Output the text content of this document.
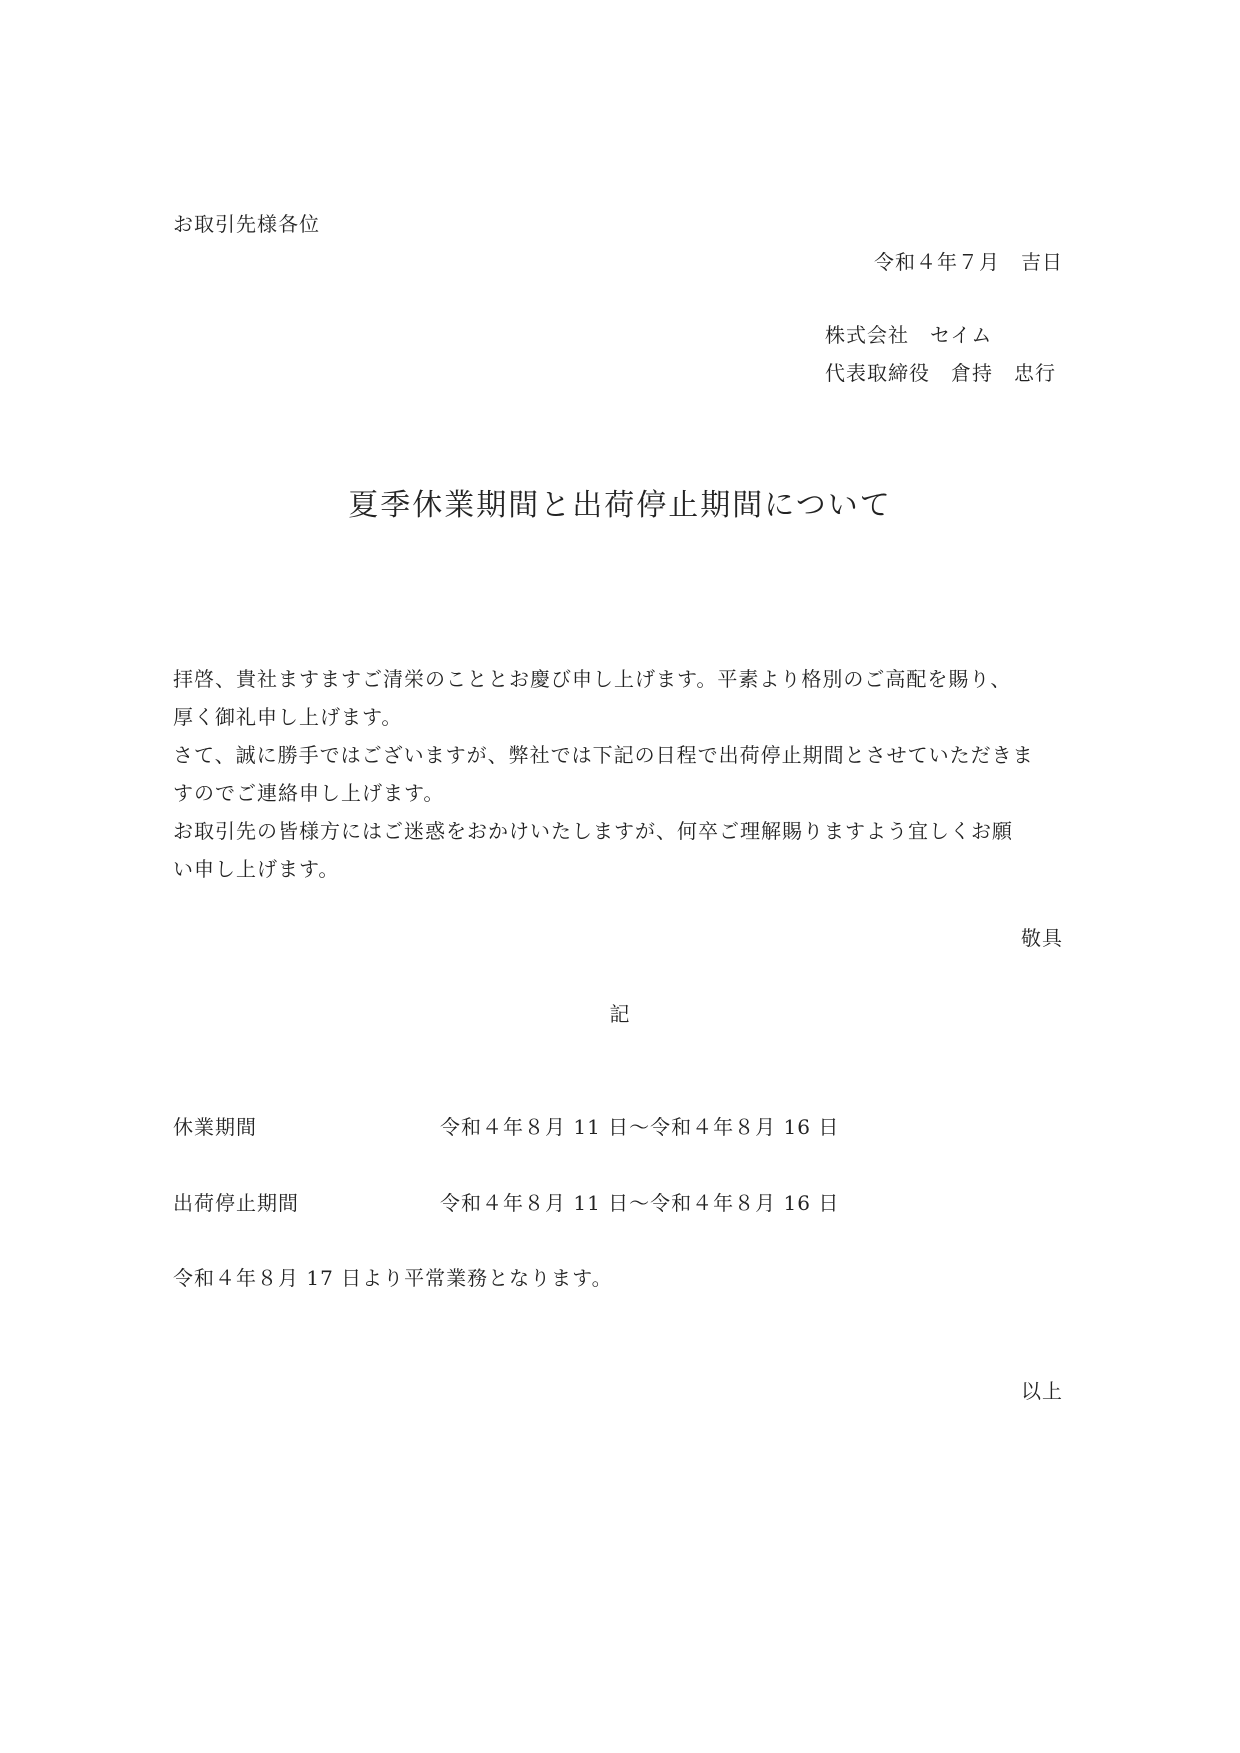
お取引先様各位
令和４年７月　吉日
株式会社　セイム
代表取締役　倉持　忠行
夏季休業期間と出荷停止期間について
拝啓、貴社ますますご清栄のこととお慶び申し上げます。平素より格別のご高配を賜り、
厚く御礼申し上げます。
さて、誠に勝手ではございますが、弊社では下記の日程で出荷停止期間とさせていただきま
すのでご連絡申し上げます。
お取引先の皆様方にはご迷惑をおかけいたしますが、何卒ご理解賜りますよう宜しくお願
い申し上げます。
敬具
記
休業期間	令和４年８月 11 日～令和４年８月 16 日
出荷停止期間	令和４年８月 11 日～令和４年８月 16 日
令和４年８月 17 日より平常業務となります。
以上
